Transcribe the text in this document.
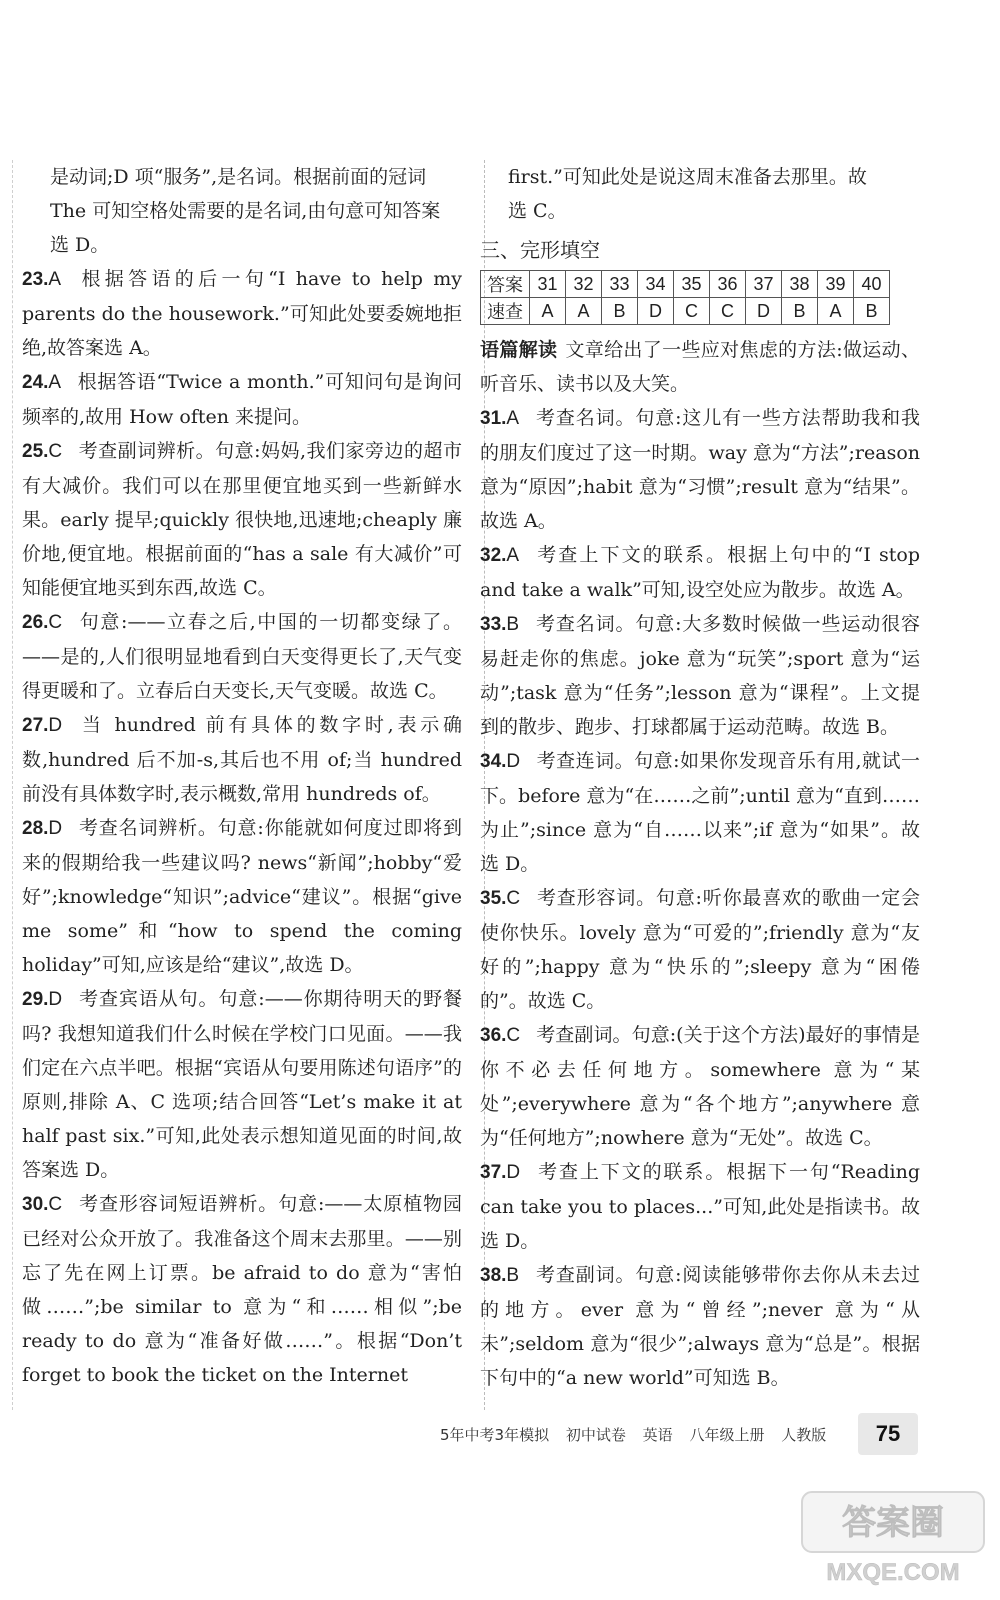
是动词;D 项“服务”,是名词。根据前面的冠词

The 可知空格处需要的是名词,由句意可知答案

选 D。

23.A 根据答语的后一句“I have to help my parents do the housework.”可知此处要委婉地拒绝,故答案选 A。

24.A 根据答语“Twice a month.”可知问句是询问频率的,故用 How often 来提问。

25.C 考查副词辨析。句意:妈妈,我们家旁边的超市有大减价。我们可以在那里便宜地买到一些新鲜水果。early 提早;quickly 很快地,迅速地;cheaply 廉价地,便宜地。根据前面的“has a sale 有大减价”可知能便宜地买到东西,故选 C。

26.C 句意:——立春之后,中国的一切都变绿了。——是的,人们很明显地看到白天变得更长了,天气变得更暖和了。立春后白天变长,天气变暖。故选 C。

27.D 当 hundred 前有具体的数字时,表示确数,hundred 后不加-s,其后也不用 of;当 hundred 前没有具体数字时,表示概数,常用 hundreds of。

28.D 考查名词辨析。句意:你能就如何度过即将到来的假期给我一些建议吗? news“新闻”;hobby“爱好”;knowledge“知识”;advice“建议”。根据“give me some”和“how to spend the coming holiday”可知,应该是给“建议”,故选 D。

29.D 考查宾语从句。句意:——你期待明天的野餐吗? 我想知道我们什么时候在学校门口见面。——我们定在六点半吧。根据“宾语从句要用陈述句语序”的原则,排除 A、C 选项;结合回答“Let’s make it at half past six.”可知,此处表示想知道见面的时间,故答案选 D。

30.C 考查形容词短语辨析。句意:——太原植物园已经对公众开放了。我准备这个周末去那里。——别忘了先在网上订票。be afraid to do 意为“害怕做……”;be similar to 意为“和……相似”;be ready to do 意为“准备好做……”。根据“Don’t forget to book the ticket on the Internet

first.”可知此处是说这周末准备去那里。故

选 C。

三、完形填空
答案	31	32	33	34	35	36	37	38	39	40
速查	A	A	B	D	C	C	D	B	A	B

语篇解读 文章给出了一些应对焦虑的方法:做运动、听音乐、读书以及大笑。

31.A 考查名词。句意:这儿有一些方法帮助我和我的朋友们度过了这一时期。way 意为“方法”;reason 意为“原因”;habit 意为“习惯”;result 意为“结果”。故选 A。

32.A 考查上下文的联系。根据上句中的“I stop and take a walk”可知,设空处应为散步。故选 A。

33.B 考查名词。句意:大多数时候做一些运动很容易赶走你的焦虑。joke 意为“玩笑”;sport 意为“运动”;task 意为“任务”;lesson 意为“课程”。上文提到的散步、跑步、打球都属于运动范畴。故选 B。

34.D 考查连词。句意:如果你发现音乐有用,就试一下。before 意为“在……之前”;until 意为“直到……为止”;since 意为“自……以来”;if 意为“如果”。故选 D。

35.C 考查形容词。句意:听你最喜欢的歌曲一定会使你快乐。lovely 意为“可爱的”;friendly 意为“友好的”;happy 意为“快乐的”;sleepy 意为“困倦的”。故选 C。

36.C 考查副词。句意:(关于这个方法)最好的事情是你不必去任何地方。somewhere 意为“某处”;everywhere 意为“各个地方”;anywhere 意为“任何地方”;nowhere 意为“无处”。故选 C。

37.D 考查上下文的联系。根据下一句“Reading can take you to places...”可知,此处是指读书。故选 D。

38.B 考查副词。句意:阅读能够带你去你从未去过的地方。ever 意为“曾经”;never 意为“从未”;seldom 意为“很少”;always 意为“总是”。根据下句中的“a new world”可知选 B。

5年中考3年模拟 初中试卷 英语 八年级上册 人教版	75
答案圈
MXQE.COM
